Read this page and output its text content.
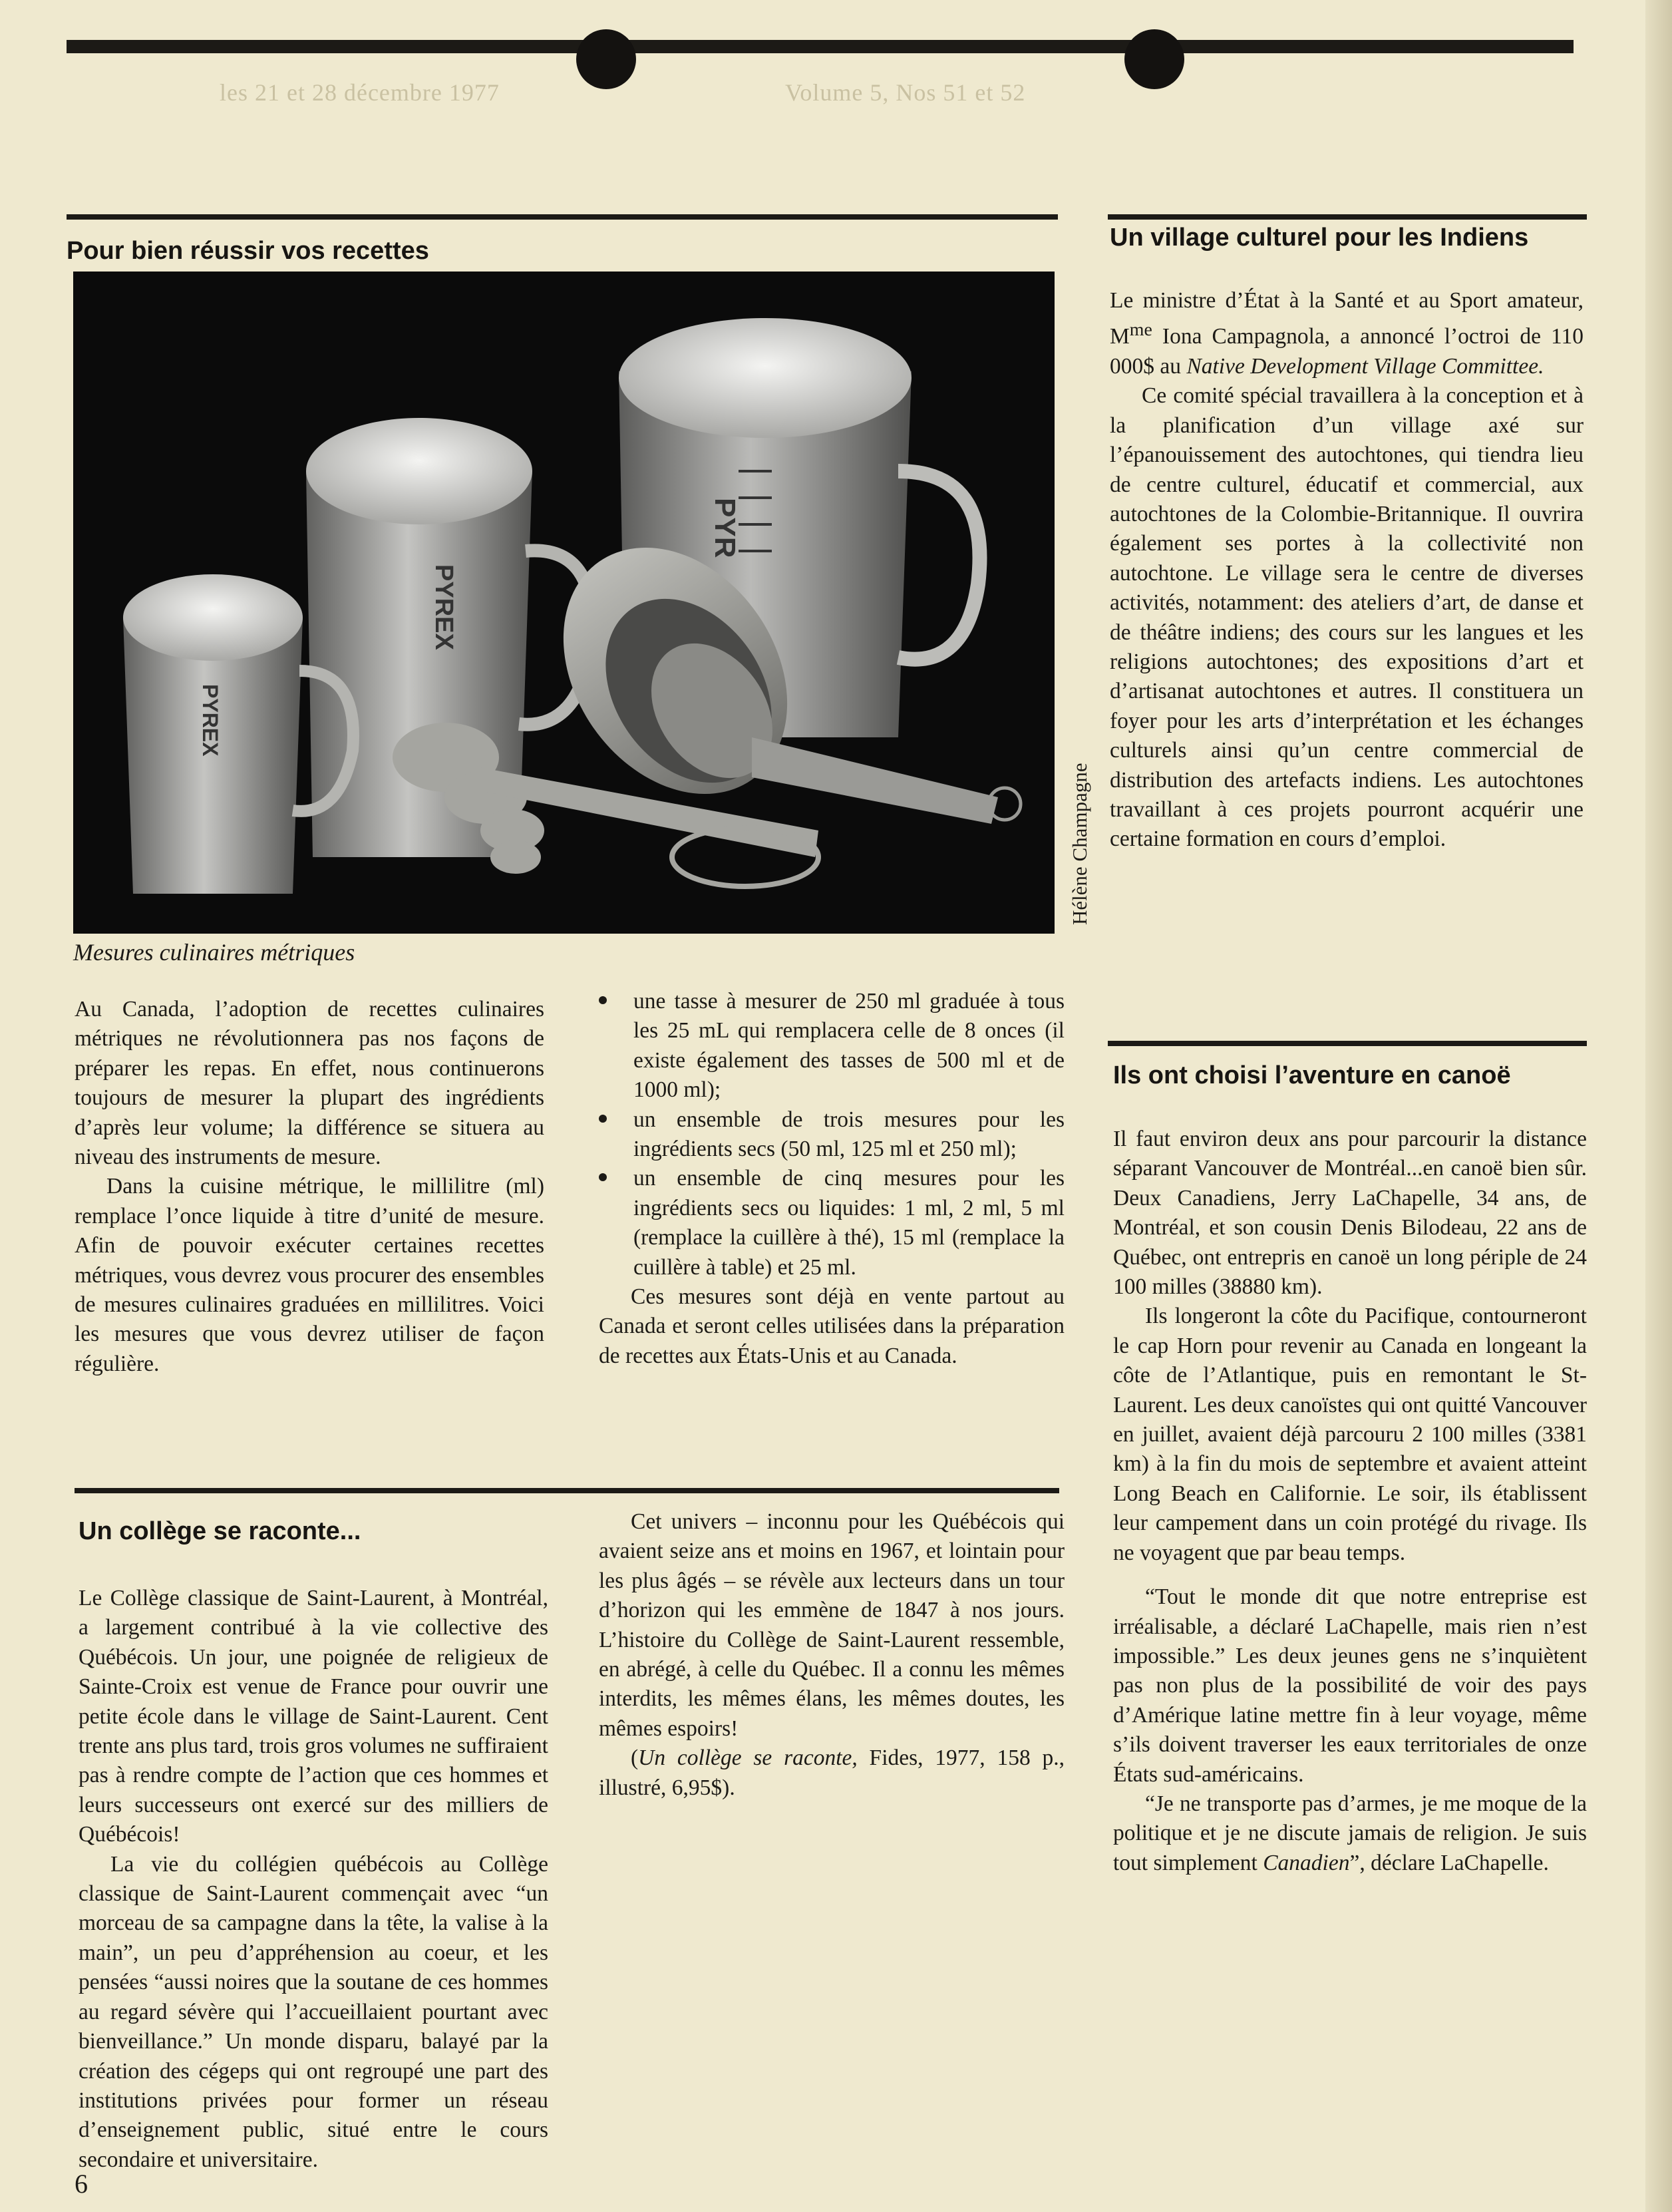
les 21 et 28 décembre 1977	Volume 5, Nos 51 et 52
Pour bien réussir vos recettes
PYR
PYREX
PYREX
Mesures culinaires métriques
Hélène Champagne

Au Canada, l’adoption de recettes culinaires métriques ne révolutionnera pas nos façons de préparer les repas. En effet, nous continuerons toujours de mesurer la plupart des ingrédients d’après leur volume; la différence se situera au niveau des instruments de mesure.

Dans la cuisine métrique, le millilitre (ml) remplace l’once liquide à titre d’unité de mesure. Afin de pouvoir exécuter certaines recettes métriques, vous devrez vous procurer des ensembles de mesures culinaires graduées en millilitres. Voici les mesures que vous devrez utiliser de façon régulière.

une tasse à mesurer de 250 ml graduée à tous les 25 mL qui remplacera celle de 8 onces (il existe également des tasses de 500 ml et de 1000 ml);
un ensemble de trois mesures pour les ingrédients secs (50 ml, 125 ml et 250 ml);
un ensemble de cinq mesures pour les ingrédients secs ou liquides: 1 ml, 2 ml, 5 ml (remplace la cuillère à thé), 15 ml (remplace la cuillère à table) et 25 ml.

Ces mesures sont déjà en vente partout au Canada et seront celles utilisées dans la préparation de recettes aux États-Unis et au Canada.

Un village culturel pour les Indiens

Le ministre d’État à la Santé et au Sport amateur, $M^{me}$ Iona Campagnola, a annoncé l’octroi de 110 000$ au Native Development Village Committee.

Ce comité spécial travaillera à la conception et à la planification d’un village axé sur l’épanouissement des autochtones, qui tiendra lieu de centre culturel, éducatif et commercial, aux autochtones de la Colombie-Britannique. Il ouvrira également ses portes à la collectivité non autochtone. Le village sera le centre de diverses activités, notamment: des ateliers d’art, de danse et de théâtre indiens; des cours sur les langues et les religions autochtones; des expositions d’art et d’artisanat autochtones et autres. Il constituera un foyer pour les arts d’interprétation et les échanges culturels ainsi qu’un centre commercial de distribution des artefacts indiens. Les autochtones travaillant à ces projets pourront acquérir une certaine formation en cours d’emploi.

Ils ont choisi l’aventure en canoë

Il faut environ deux ans pour parcourir la distance séparant Vancouver de Montréal...en canoë bien sûr. Deux Canadiens, Jerry LaChapelle, 34 ans, de Montréal, et son cousin Denis Bilodeau, 22 ans de Québec, ont entrepris en canoë un long périple de 24 100 milles (38880 km).

Ils longeront la côte du Pacifique, contourneront le cap Horn pour revenir au Canada en longeant la côte de l’Atlantique, puis en remontant le St-Laurent. Les deux canoïstes qui ont quitté Vancouver en juillet, avaient déjà parcouru 2 100 milles (3381 km) à la fin du mois de septembre et avaient atteint Long Beach en Californie. Le soir, ils établissent leur campement dans un coin protégé du rivage. Ils ne voyagent que par beau temps.

“Tout le monde dit que notre entreprise est irréalisable, a déclaré LaChapelle, mais rien n’est impossible.” Les deux jeunes gens ne s’inquiètent pas non plus de la possibilité de voir des pays d’Amérique latine mettre fin à leur voyage, même s’ils doivent traverser les eaux territoriales de onze États sud-américains.

“Je ne transporte pas d’armes, je me moque de la politique et je ne discute jamais de religion. Je suis tout simplement Canadien”, déclare LaChapelle.

Un collège se raconte...

Le Collège classique de Saint-Laurent, à Montréal, a largement contribué à la vie collective des Québécois. Un jour, une poignée de religieux de Sainte-Croix est venue de France pour ouvrir une petite école dans le village de Saint-Laurent. Cent trente ans plus tard, trois gros volumes ne suffiraient pas à rendre compte de l’action que ces hommes et leurs successeurs ont exercé sur des milliers de Québécois!

La vie du collégien québécois au Collège classique de Saint-Laurent commençait avec “un morceau de sa campagne dans la tête, la valise à la main”, un peu d’appréhension au coeur, et les pensées “aussi noires que la soutane de ces hommes au regard sévère qui l’accueillaient pourtant avec bienveillance.” Un monde disparu, balayé par la création des cégeps qui ont regroupé une part des institutions privées pour former un réseau d’enseignement public, situé entre le cours secondaire et universitaire.

Cet univers – inconnu pour les Québécois qui avaient seize ans et moins en 1967, et lointain pour les plus âgés – se révèle aux lecteurs dans un tour d’horizon qui les emmène de 1847 à nos jours. L’histoire du Collège de Saint-Laurent ressemble, en abrégé, à celle du Québec. Il a connu les mêmes interdits, les mêmes élans, les mêmes doutes, les mêmes espoirs!

(Un collège se raconte, Fides, 1977, 158 p., illustré, 6,95$).

6
